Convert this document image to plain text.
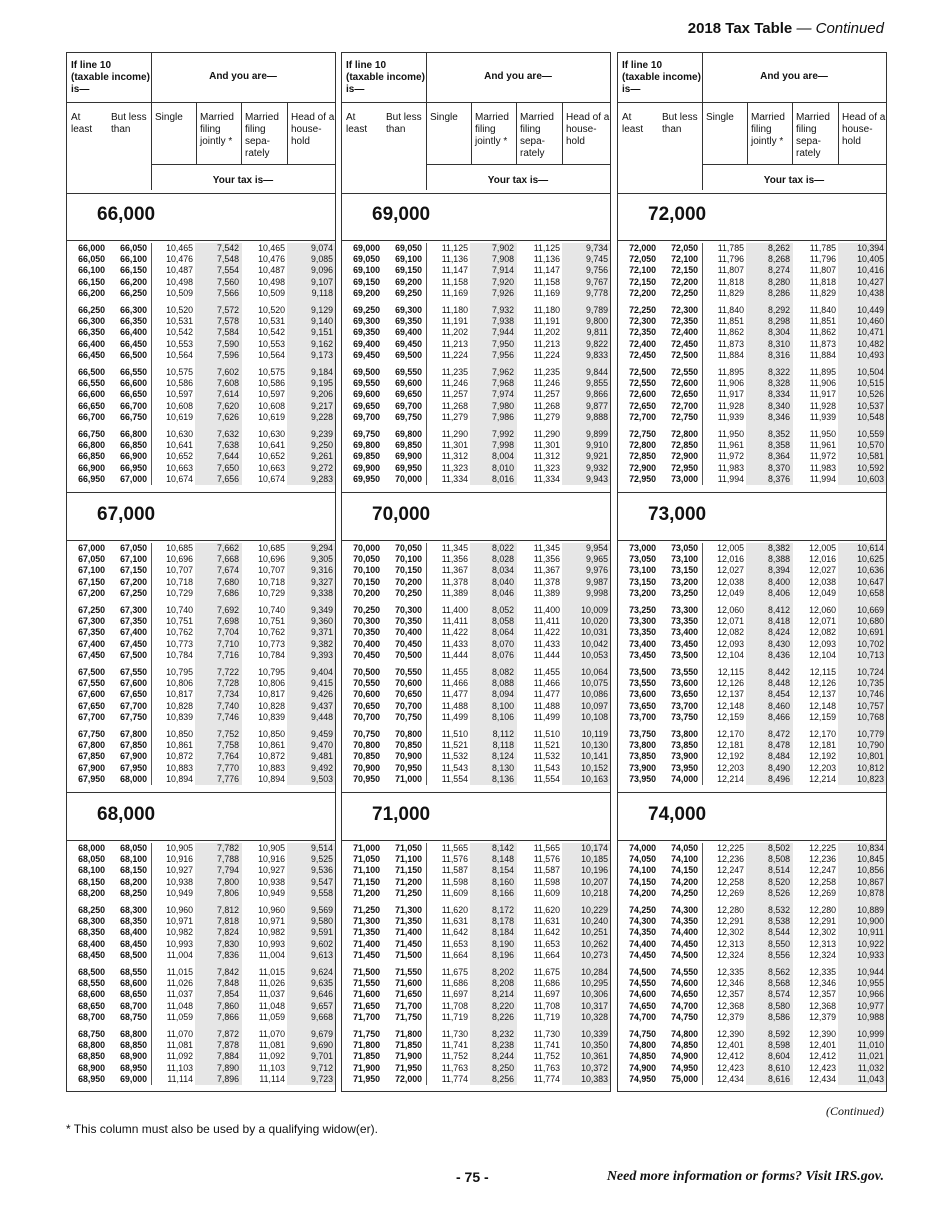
2018 Tax Table — Continued
If line 10 (taxable income) is—
And you are—
At least
But less than
Single	Married filing jointly *
Married filing sepa- rately
Head of a house- hold
Your tax is—
66,000
66,000	66,050	10,465	7,542	10,465	9,074
66,050	66,100	10,476	7,548	10,476	9,085
66,100	66,150	10,487	7,554	10,487	9,096
66,150	66,200	10,498	7,560	10,498	9,107
66,200	66,250	10,509	7,566	10,509	9,118
66,250	66,300	10,520	7,572	10,520	9,129
66,300	66,350	10,531	7,578	10,531	9,140
66,350	66,400	10,542	7,584	10,542	9,151
66,400	66,450	10,553	7,590	10,553	9,162
66,450	66,500	10,564	7,596	10,564	9,173
66,500	66,550	10,575	7,602	10,575	9,184
66,550	66,600	10,586	7,608	10,586	9,195
66,600	66,650	10,597	7,614	10,597	9,206
66,650	66,700	10,608	7,620	10,608	9,217
66,700	66,750	10,619	7,626	10,619	9,228
66,750	66,800	10,630	7,632	10,630	9,239
66,800	66,850	10,641	7,638	10,641	9,250
66,850	66,900	10,652	7,644	10,652	9,261
66,900	66,950	10,663	7,650	10,663	9,272
66,950	67,000	10,674	7,656	10,674	9,283
67,000
67,000	67,050	10,685	7,662	10,685	9,294
67,050	67,100	10,696	7,668	10,696	9,305
67,100	67,150	10,707	7,674	10,707	9,316
67,150	67,200	10,718	7,680	10,718	9,327
67,200	67,250	10,729	7,686	10,729	9,338
67,250	67,300	10,740	7,692	10,740	9,349
67,300	67,350	10,751	7,698	10,751	9,360
67,350	67,400	10,762	7,704	10,762	9,371
67,400	67,450	10,773	7,710	10,773	9,382
67,450	67,500	10,784	7,716	10,784	9,393
67,500	67,550	10,795	7,722	10,795	9,404
67,550	67,600	10,806	7,728	10,806	9,415
67,600	67,650	10,817	7,734	10,817	9,426
67,650	67,700	10,828	7,740	10,828	9,437
67,700	67,750	10,839	7,746	10,839	9,448
67,750	67,800	10,850	7,752	10,850	9,459
67,800	67,850	10,861	7,758	10,861	9,470
67,850	67,900	10,872	7,764	10,872	9,481
67,900	67,950	10,883	7,770	10,883	9,492
67,950	68,000	10,894	7,776	10,894	9,503
68,000
68,000	68,050	10,905	7,782	10,905	9,514
68,050	68,100	10,916	7,788	10,916	9,525
68,100	68,150	10,927	7,794	10,927	9,536
68,150	68,200	10,938	7,800	10,938	9,547
68,200	68,250	10,949	7,806	10,949	9,558
68,250	68,300	10,960	7,812	10,960	9,569
68,300	68,350	10,971	7,818	10,971	9,580
68,350	68,400	10,982	7,824	10,982	9,591
68,400	68,450	10,993	7,830	10,993	9,602
68,450	68,500	11,004	7,836	11,004	9,613
68,500	68,550	11,015	7,842	11,015	9,624
68,550	68,600	11,026	7,848	11,026	9,635
68,600	68,650	11,037	7,854	11,037	9,646
68,650	68,700	11,048	7,860	11,048	9,657
68,700	68,750	11,059	7,866	11,059	9,668
68,750	68,800	11,070	7,872	11,070	9,679
68,800	68,850	11,081	7,878	11,081	9,690
68,850	68,900	11,092	7,884	11,092	9,701
68,900	68,950	11,103	7,890	11,103	9,712
68,950	69,000	11,114	7,896	11,114	9,723
If line 10 (taxable income) is—
And you are—
At least
But less than
Single	Married filing jointly *
Married filing sepa- rately
Head of a house- hold
Your tax is—
69,000
69,000	69,050	11,125	7,902	11,125	9,734
69,050	69,100	11,136	7,908	11,136	9,745
69,100	69,150	11,147	7,914	11,147	9,756
69,150	69,200	11,158	7,920	11,158	9,767
69,200	69,250	11,169	7,926	11,169	9,778
69,250	69,300	11,180	7,932	11,180	9,789
69,300	69,350	11,191	7,938	11,191	9,800
69,350	69,400	11,202	7,944	11,202	9,811
69,400	69,450	11,213	7,950	11,213	9,822
69,450	69,500	11,224	7,956	11,224	9,833
69,500	69,550	11,235	7,962	11,235	9,844
69,550	69,600	11,246	7,968	11,246	9,855
69,600	69,650	11,257	7,974	11,257	9,866
69,650	69,700	11,268	7,980	11,268	9,877
69,700	69,750	11,279	7,986	11,279	9,888
69,750	69,800	11,290	7,992	11,290	9,899
69,800	69,850	11,301	7,998	11,301	9,910
69,850	69,900	11,312	8,004	11,312	9,921
69,900	69,950	11,323	8,010	11,323	9,932
69,950	70,000	11,334	8,016	11,334	9,943
70,000
70,000	70,050	11,345	8,022	11,345	9,954
70,050	70,100	11,356	8,028	11,356	9,965
70,100	70,150	11,367	8,034	11,367	9,976
70,150	70,200	11,378	8,040	11,378	9,987
70,200	70,250	11,389	8,046	11,389	9,998
70,250	70,300	11,400	8,052	11,400	10,009
70,300	70,350	11,411	8,058	11,411	10,020
70,350	70,400	11,422	8,064	11,422	10,031
70,400	70,450	11,433	8,070	11,433	10,042
70,450	70,500	11,444	8,076	11,444	10,053
70,500	70,550	11,455	8,082	11,455	10,064
70,550	70,600	11,466	8,088	11,466	10,075
70,600	70,650	11,477	8,094	11,477	10,086
70,650	70,700	11,488	8,100	11,488	10,097
70,700	70,750	11,499	8,106	11,499	10,108
70,750	70,800	11,510	8,112	11,510	10,119
70,800	70,850	11,521	8,118	11,521	10,130
70,850	70,900	11,532	8,124	11,532	10,141
70,900	70,950	11,543	8,130	11,543	10,152
70,950	71,000	11,554	8,136	11,554	10,163
71,000
71,000	71,050	11,565	8,142	11,565	10,174
71,050	71,100	11,576	8,148	11,576	10,185
71,100	71,150	11,587	8,154	11,587	10,196
71,150	71,200	11,598	8,160	11,598	10,207
71,200	71,250	11,609	8,166	11,609	10,218
71,250	71,300	11,620	8,172	11,620	10,229
71,300	71,350	11,631	8,178	11,631	10,240
71,350	71,400	11,642	8,184	11,642	10,251
71,400	71,450	11,653	8,190	11,653	10,262
71,450	71,500	11,664	8,196	11,664	10,273
71,500	71,550	11,675	8,202	11,675	10,284
71,550	71,600	11,686	8,208	11,686	10,295
71,600	71,650	11,697	8,214	11,697	10,306
71,650	71,700	11,708	8,220	11,708	10,317
71,700	71,750	11,719	8,226	11,719	10,328
71,750	71,800	11,730	8,232	11,730	10,339
71,800	71,850	11,741	8,238	11,741	10,350
71,850	71,900	11,752	8,244	11,752	10,361
71,900	71,950	11,763	8,250	11,763	10,372
71,950	72,000	11,774	8,256	11,774	10,383
If line 10 (taxable income) is—
And you are—
At least
But less than
Single	Married filing jointly *
Married filing sepa- rately
Head of a house- hold
Your tax is—
72,000
72,000	72,050	11,785	8,262	11,785	10,394
72,050	72,100	11,796	8,268	11,796	10,405
72,100	72,150	11,807	8,274	11,807	10,416
72,150	72,200	11,818	8,280	11,818	10,427
72,200	72,250	11,829	8,286	11,829	10,438
72,250	72,300	11,840	8,292	11,840	10,449
72,300	72,350	11,851	8,298	11,851	10,460
72,350	72,400	11,862	8,304	11,862	10,471
72,400	72,450	11,873	8,310	11,873	10,482
72,450	72,500	11,884	8,316	11,884	10,493
72,500	72,550	11,895	8,322	11,895	10,504
72,550	72,600	11,906	8,328	11,906	10,515
72,600	72,650	11,917	8,334	11,917	10,526
72,650	72,700	11,928	8,340	11,928	10,537
72,700	72,750	11,939	8,346	11,939	10,548
72,750	72,800	11,950	8,352	11,950	10,559
72,800	72,850	11,961	8,358	11,961	10,570
72,850	72,900	11,972	8,364	11,972	10,581
72,900	72,950	11,983	8,370	11,983	10,592
72,950	73,000	11,994	8,376	11,994	10,603
73,000
73,000	73,050	12,005	8,382	12,005	10,614
73,050	73,100	12,016	8,388	12,016	10,625
73,100	73,150	12,027	8,394	12,027	10,636
73,150	73,200	12,038	8,400	12,038	10,647
73,200	73,250	12,049	8,406	12,049	10,658
73,250	73,300	12,060	8,412	12,060	10,669
73,300	73,350	12,071	8,418	12,071	10,680
73,350	73,400	12,082	8,424	12,082	10,691
73,400	73,450	12,093	8,430	12,093	10,702
73,450	73,500	12,104	8,436	12,104	10,713
73,500	73,550	12,115	8,442	12,115	10,724
73,550	73,600	12,126	8,448	12,126	10,735
73,600	73,650	12,137	8,454	12,137	10,746
73,650	73,700	12,148	8,460	12,148	10,757
73,700	73,750	12,159	8,466	12,159	10,768
73,750	73,800	12,170	8,472	12,170	10,779
73,800	73,850	12,181	8,478	12,181	10,790
73,850	73,900	12,192	8,484	12,192	10,801
73,900	73,950	12,203	8,490	12,203	10,812
73,950	74,000	12,214	8,496	12,214	10,823
74,000
74,000	74,050	12,225	8,502	12,225	10,834
74,050	74,100	12,236	8,508	12,236	10,845
74,100	74,150	12,247	8,514	12,247	10,856
74,150	74,200	12,258	8,520	12,258	10,867
74,200	74,250	12,269	8,526	12,269	10,878
74,250	74,300	12,280	8,532	12,280	10,889
74,300	74,350	12,291	8,538	12,291	10,900
74,350	74,400	12,302	8,544	12,302	10,911
74,400	74,450	12,313	8,550	12,313	10,922
74,450	74,500	12,324	8,556	12,324	10,933
74,500	74,550	12,335	8,562	12,335	10,944
74,550	74,600	12,346	8,568	12,346	10,955
74,600	74,650	12,357	8,574	12,357	10,966
74,650	74,700	12,368	8,580	12,368	10,977
74,700	74,750	12,379	8,586	12,379	10,988
74,750	74,800	12,390	8,592	12,390	10,999
74,800	74,850	12,401	8,598	12,401	11,010
74,850	74,900	12,412	8,604	12,412	11,021
74,900	74,950	12,423	8,610	12,423	11,032
74,950	75,000	12,434	8,616	12,434	11,043
(Continued)
* This column must also be used by a qualifying widow(er).
- 75 -	Need more information or forms? Visit IRS.gov.
